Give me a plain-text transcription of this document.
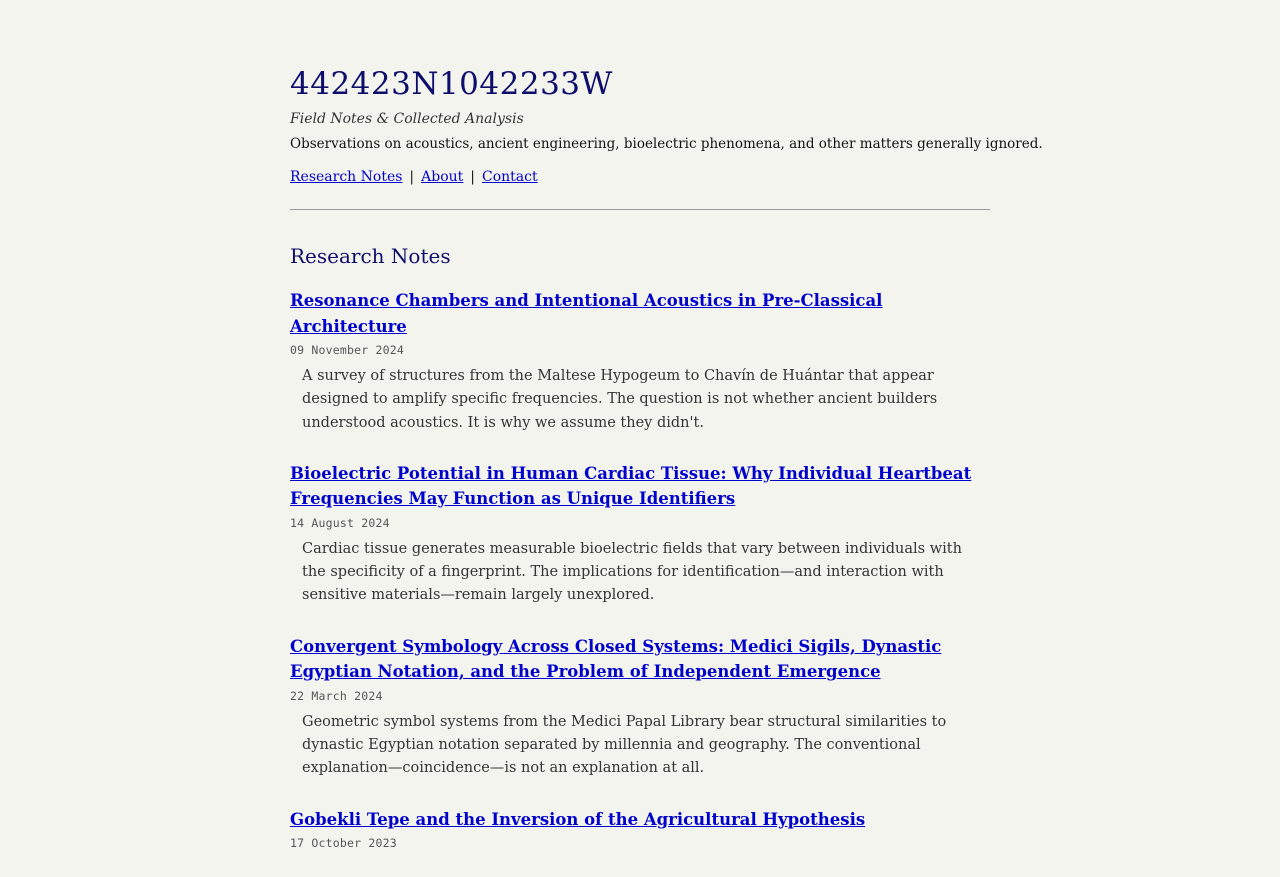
442423N1042233W
Field Notes & Collected Analysis
Observations on acoustics, ancient engineering, bioelectric phenomena, and other matters generally ignored.
Research Notes | About | Contact
Research Notes
Resonance Chambers and Intentional Acoustics in Pre-Classical Architecture
09 November 2024

A survey of structures from the Maltese Hypogeum to Chavín de Huántar that appear designed to amplify specific frequencies. The question is not whether ancient builders understood acoustics. It is why we assume they didn't.

Bioelectric Potential in Human Cardiac Tissue: Why Individual Heartbeat Frequencies May Function as Unique Identifiers
14 August 2024

Cardiac tissue generates measurable bioelectric fields that vary between individuals with the specificity of a fingerprint. The implications for identification—and interaction with sensitive materials—remain largely unexplored.

Convergent Symbology Across Closed Systems: Medici Sigils, Dynastic Egyptian Notation, and the Problem of Independent Emergence
22 March 2024

Geometric symbol systems from the Medici Papal Library bear structural similarities to dynastic Egyptian notation separated by millennia and geography. The conventional explanation—coincidence—is not an explanation at all.

Gobekli Tepe and the Inversion of the Agricultural Hypothesis
17 October 2023
